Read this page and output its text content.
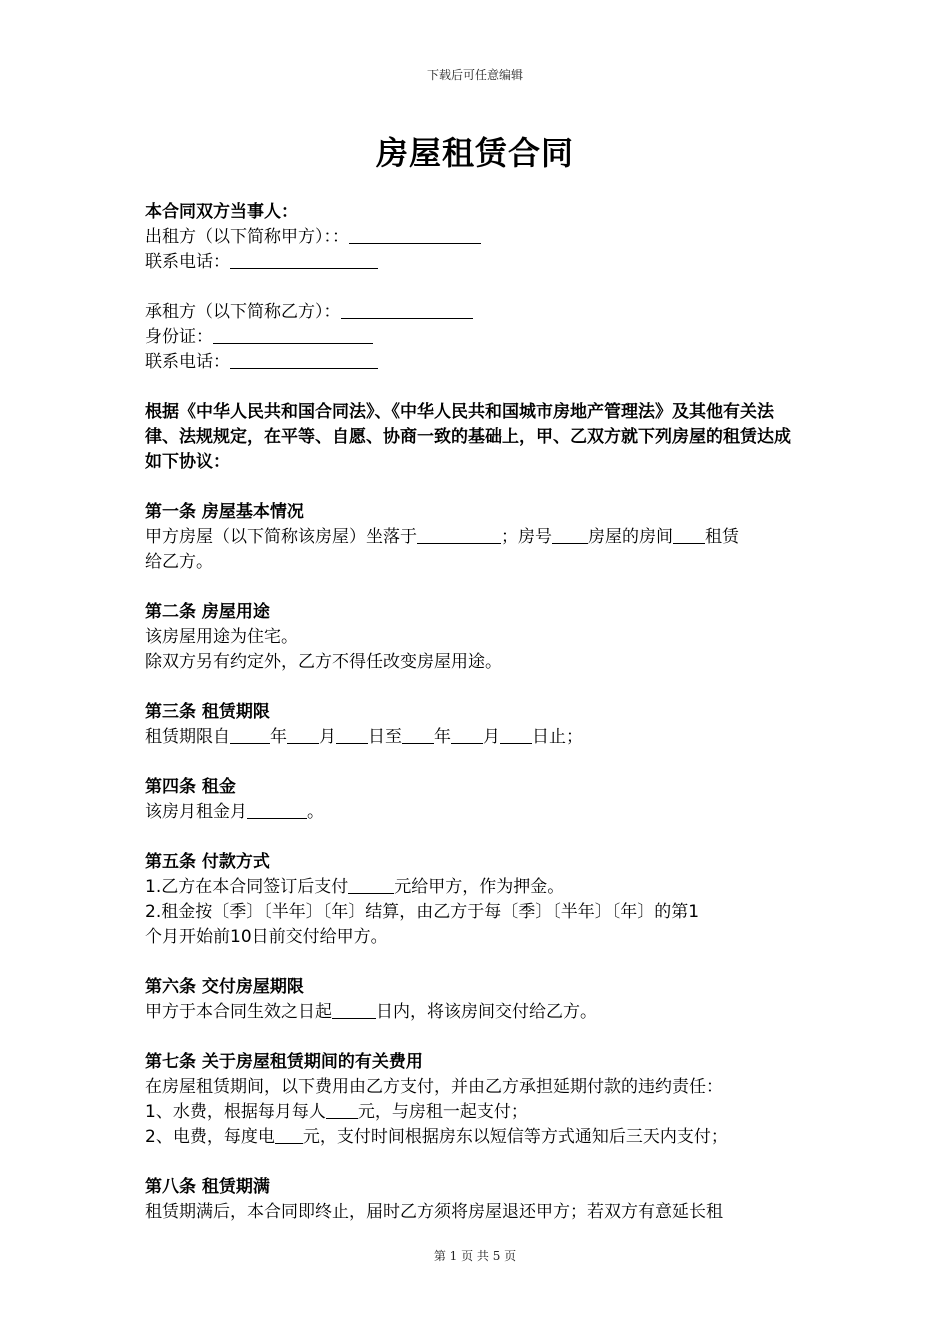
下载后可任意编辑
房屋租赁合同
本合同双方当事人：
出租方（以下简称甲方）：：
联系电话：
承租方（以下简称乙方）：
身份证：
联系电话：
根据《中华人民共和国合同法》、《中华人民共和国城市房地产管理法》及其他有关法律、法规规定，在平等、自愿、协商一致的基础上，甲、乙双方就下列房屋的租赁达成如下协议：
第一条 房屋基本情况
甲方房屋（以下简称该房屋）坐落于	；房号 房屋的房间 租赁
给乙方。
第二条 房屋用途
该房屋用途为住宅。
除双方另有约定外，乙方不得任改变房屋用途。
第三条 租赁期限
租赁期限自 年 月 日至 年 月 日止；
第四条 租金
该房月租金月	。
第五条 付款方式
1.乙方在本合同签订后支付	元给甲方，作为押金。
2.租金按〔季〕〔半年〕〔年〕结算，由乙方于每〔季〕〔半年〕〔年〕的第1
个月开始前10日前交付给甲方。
第六条 交付房屋期限
甲方于本合同生效之日起	日内，将该房间交付给乙方。
第七条 关于房屋租赁期间的有关费用
在房屋租赁期间，以下费用由乙方支付，并由乙方承担延期付款的违约责任：
1、水费，根据每月每人 元，与房租一起支付；
2、电费，每度电 元，支付时间根据房东以短信等方式通知后三天内支付；
第八条 租赁期满
租赁期满后，本合同即终止，届时乙方须将房屋退还甲方；若双方有意延长租
第 1 页 共 5 页
